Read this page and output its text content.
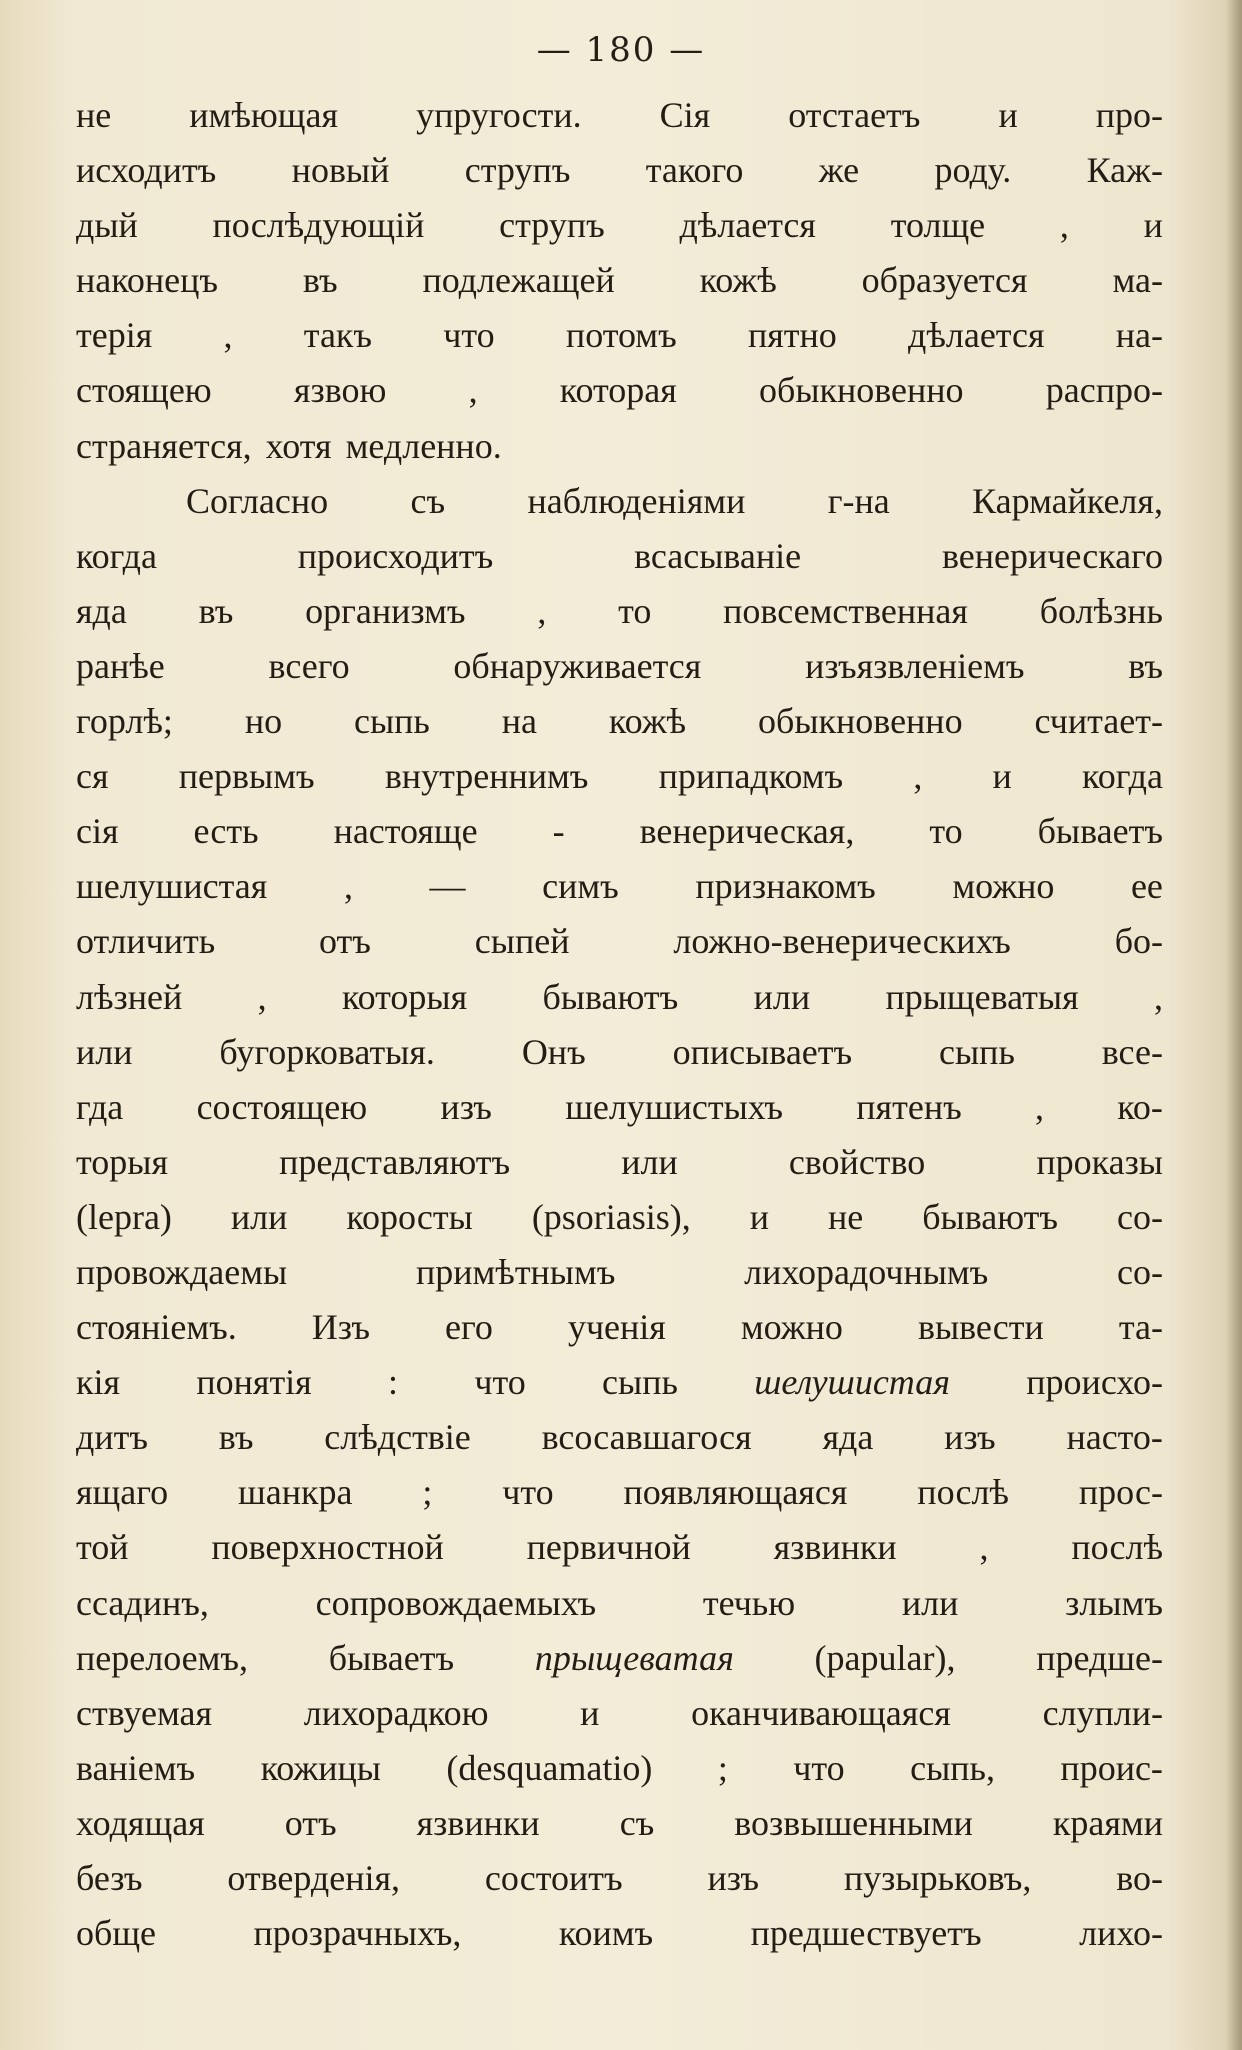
— 180 —
не имѣющая упругости. Сія отстаетъ и про-
исходитъ новый струпъ такого же роду. Каж-
дый послѣдующій струпъ дѣлается толще , и
наконецъ въ подлежащей кожѣ образуется ма-
терія , такъ что потомъ пятно дѣлается на-
стоящею язвою , которая обыкновенно распро-
страняется, хотя медленно.
Согласно съ наблюденіями г-на Кармайкеля,
когда	происходитъ	всасываніе	венерическаго
яда въ организмъ , то повсемственная болѣзнь
ранѣе	всего	обнаруживается	изъязвленіемъ	въ
горлѣ; но сыпь на кожѣ обыкновенно считает-
ся первымъ внутреннимъ припадкомъ , и когда
сія есть настояще - венерическая, то бываетъ
шелушистая , — симъ признакомъ можно ее
отличить	отъ	сыпей	ложно-венерическихъ	бо-
лѣзней , которыя бываютъ или прыщеватыя ,
или бугорковатыя. Онъ описываетъ сыпь все-
гда состоящею изъ шелушистыхъ пятенъ , ко-
торыя	представляютъ	или	свойство	проказы
(lepra) или коросты (psoriasis), и не бываютъ со-
провождаемы	примѣтнымъ	лихорадочнымъ	со-
стояніемъ. Изъ его ученія можно вывести та-
кія понятія : что сыпь шелушистая происхо-
дитъ въ слѣдствіе всосавшагося яда изъ насто-
ящаго шанкра ; что появляющаяся послѣ прос-
той поверхностной первичной язвинки , послѣ
ссадинъ,	сопровождаемыхъ	течью	или	злымъ
перелоемъ, бываетъ прыщеватая (papular), предше-
ствуемая	лихорадкою	и	оканчивающаяся	слупли-
ваніемъ кожицы (desquamatio) ; что сыпь, проис-
ходящая отъ язвинки съ возвышенными краями
безъ отверденія, состоитъ изъ пузырьковъ, во-
обще	прозрачныхъ,	коимъ	предшествуетъ	лихо-
